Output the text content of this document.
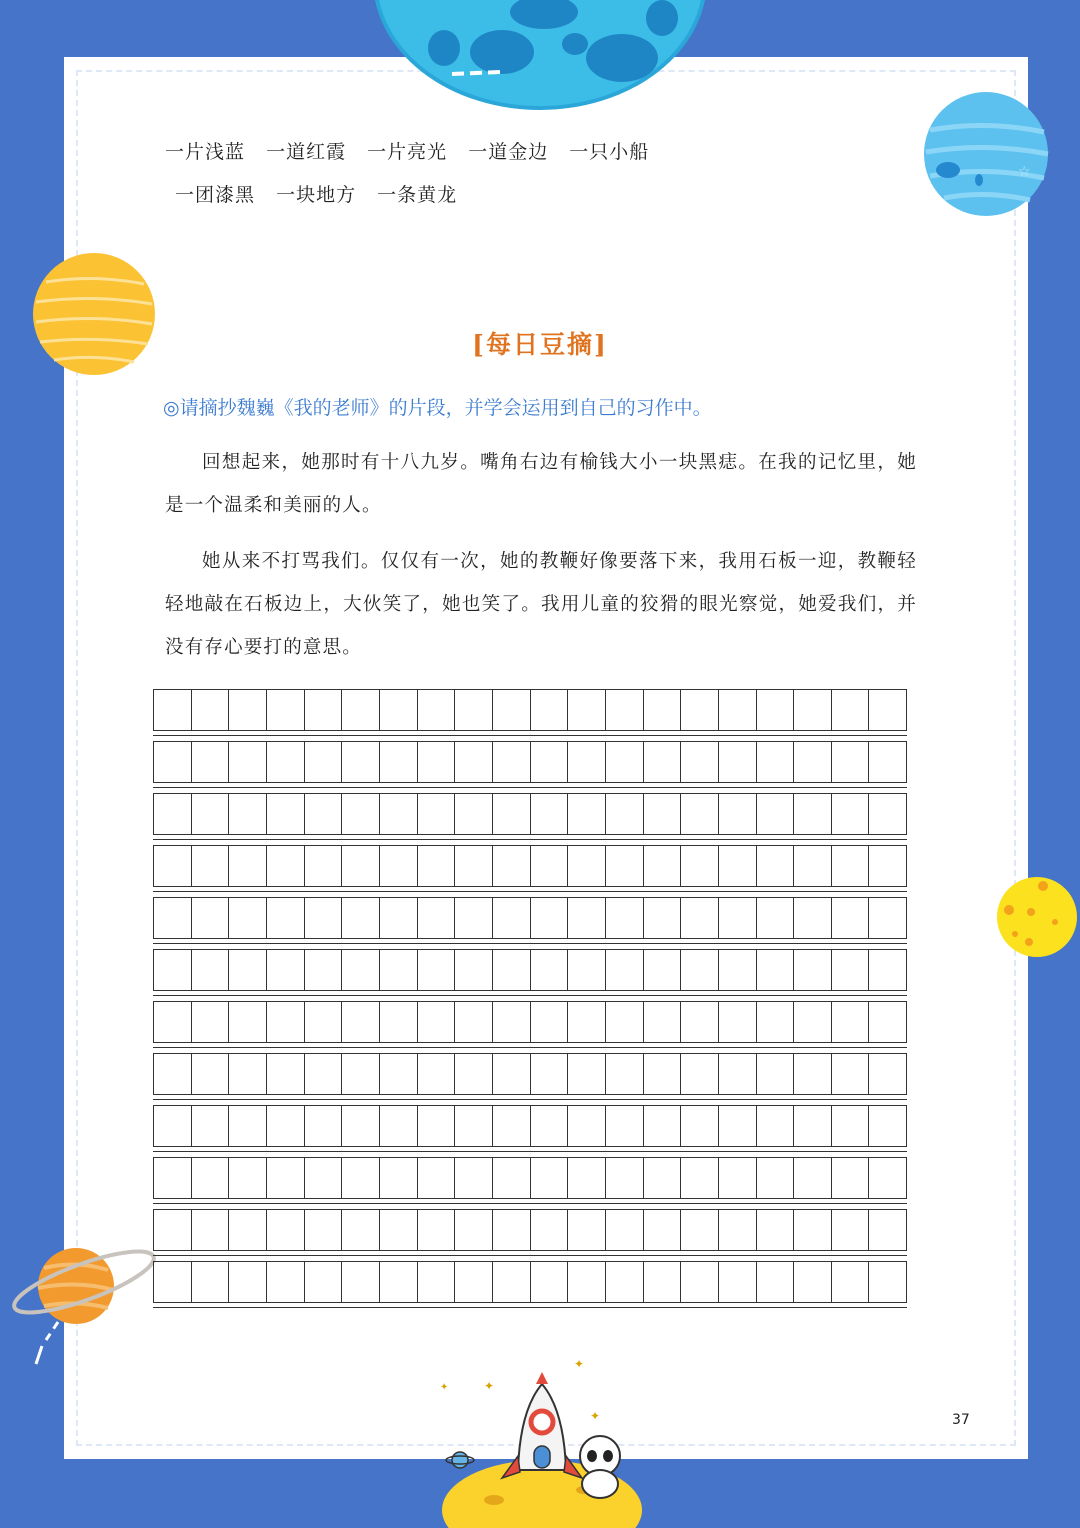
☆
✦
✦
✦
✦
一片浅蓝 一道红霞 一片亮光 一道金边 一只小船
一团漆黑 一块地方 一条黄龙
[每日豆摘]
◎请摘抄魏巍《我的老师》的片段，并学会运用到自己的习作中。

回想起来，她那时有十八九岁。嘴角右边有榆钱大小一块黑痣。在我的记忆里，她是一个温柔和美丽的人。

她从来不打骂我们。仅仅有一次，她的教鞭好像要落下来，我用石板一迎，教鞭轻轻地敲在石板边上，大伙笑了，她也笑了。我用儿童的狡猾的眼光察觉，她爱我们，并没有存心要打的意思。

37
